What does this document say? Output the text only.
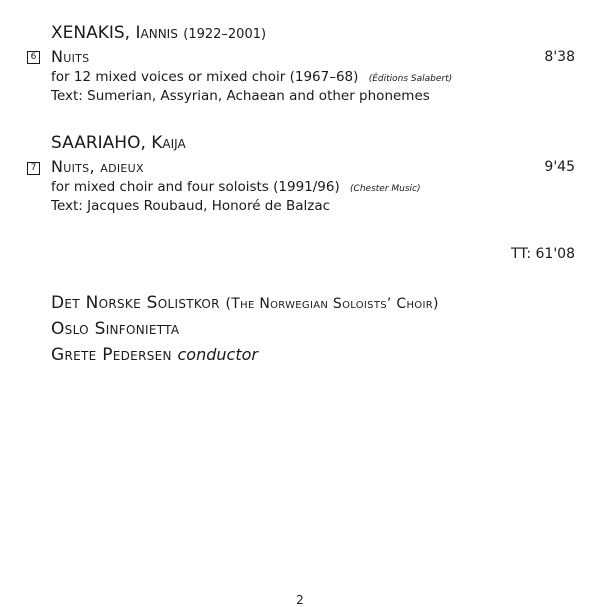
XENAKIS, Iannis (1922–2001)
6 Nuits	8'38
for 12 mixed voices or mixed choir (1967–68) (Éditions Salabert)
Text: Sumerian, Assyrian, Achaean and other phonemes
SAARIAHO, Kaija
7 Nuits, adieux	9'45
for mixed choir and four soloists (1991/96) (Chester Music)
Text: Jacques Roubaud, Honoré de Balzac
TT: 61'08
Det Norske Solistkor (The Norwegian Soloists’ Choir)
Oslo Sinfonietta
Grete Pedersen conductor
2
